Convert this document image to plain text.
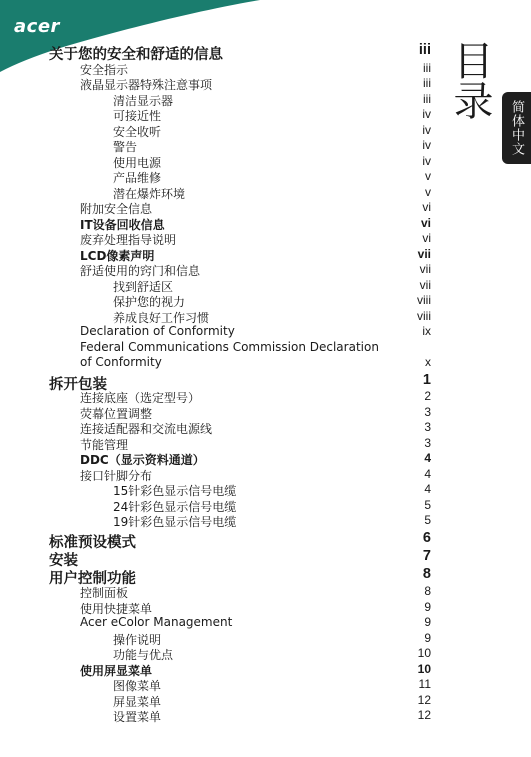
acer
目录
简体中文
关于您的安全和舒适的信息	iii
安全指示	iii
液晶显示器特殊注意事项	iii
清洁显示器	iii
可接近性	iv
安全收听	iv
警告	iv
使用电源	iv
产品维修	v
潜在爆炸环境	v
附加安全信息	vi
IT设备回收信息	vi
废弃处理指导说明	vi
LCD像素声明	vii
舒适使用的窍门和信息	vii
找到舒适区	vii
保护您的视力	viii
养成良好工作习惯	viii
Declaration of Conformity	ix
Federal Communications Commission Declaration
of Conformity	x
拆开包装	1
连接底座（选定型号）	2
荧幕位置调整	3
连接适配器和交流电源线	3
节能管理	3
DDC（显示资料通道）	4
接口针脚分布	4
15针彩色显示信号电缆	4
24针彩色显示信号电缆	5
19针彩色显示信号电缆	5
标准预设模式	6
安装	7
用户控制功能	8
控制面板	8
使用快捷菜单	9
Acer eColor Management	9
操作说明	9
功能与优点	10
使用屏显菜单	10
图像菜单	11
屏显菜单	12
设置菜单	12
